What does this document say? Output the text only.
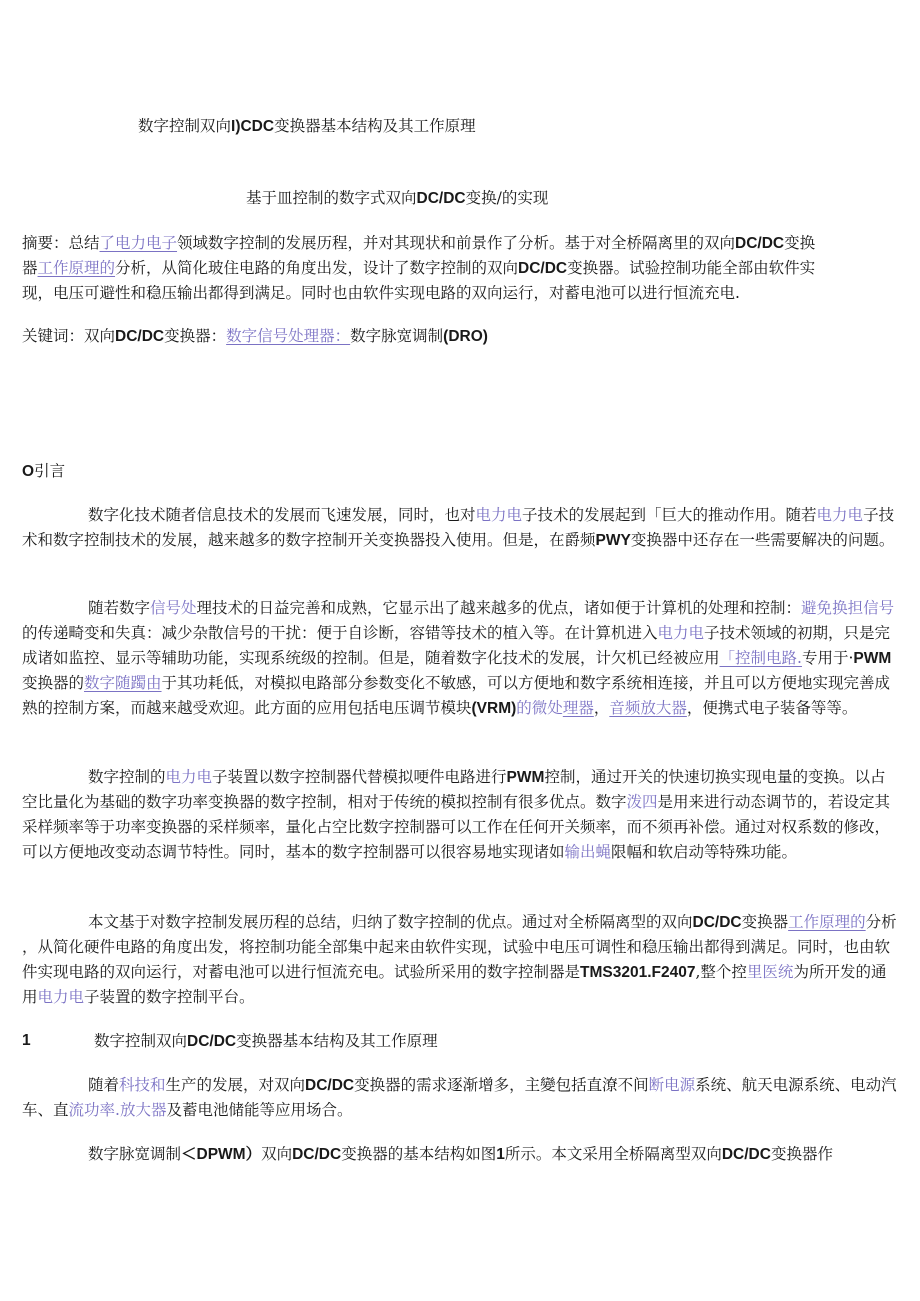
数字控制双向I)CDC变换器基本结构及其工作原理
基于皿控制的数字式双向DC/DC变换/的实现
摘要：总结了电力电子领域数字控制的发展历程，并对其现状和前景作了分析。基于对全桥隔离里的双向DC/DC变换
器工作原理的分析，从简化玻住电路的角度出发，设计了数字控制的双向DC/DC变换器。试验控制功能全部由软件实
现，电压可避性和稳压输出都得到满足。同时也由软件实现电路的双向运行，对蓄电池可以进行恒流充电.
关键词：双向DC/DC变换器：数字信号处理器：数字脉宽调制(DRO)
O引言
数字化技术随者信息技术的发展而飞速发展，同时，也对电力电子技术的发展起到「巨大的推动作用。随若电力电子技
术和数字控制技术的发展，越来越多的数字控制开关变换器投入使用。但是，在爵频PWY变换器中还存在一些需要解决的问题。
随若数字信号处理技术的日益完善和成熟，它显示出了越来越多的优点，诸如便于计算机的处理和控制：避免换担信号
的传递畸变和失真：减少杂散信号的干扰：便于自诊断，容错等技术的植入等。在计算机进入电力电子技术领域的初期，只是完
成诸如监控、显示等辅助功能，实现系统级的控制。但是，随着数字化技术的发展，计欠机已经被应用「控制电路.专用于·PWM
变换器的数字随躅由于其功耗低，对模拟电路部分参数变化不敏感，可以方便地和数字系统相连接，并且可以方便地实现完善成
熟的控制方案，而越来越受欢迎。此方面的应用包括电压调节模块(VRM)的微处理器，音频放大器，便携式电子装备等等。
数字控制的电力电子装置以数字控制器代替模拟哽件电路进行PWM控制，通过开关的快速切换实现电量的变换。以占
空比量化为基础的数字功率变换器的数字控制，相对于传统的模拟控制有很多优点。数字泼四是用来进行动态调节的，若设定其
采样频率等于功率变换器的采样频率，量化占空比数字控制器可以工作在任何开关频率，而不须再补偿。通过对权系数的修改，
可以方便地改变动态调节特性。同时，基本的数字控制器可以很容易地实现诸如输出蝇限幅和软启动等特殊功能。
本文基于对数字控制发展历程的总结，归纳了数字控制的优点。通过对全桥隔离型的双向DC/DC变换器工作原理的分析
，从简化硬件电路的角度出发，将控制功能全部集中起来由软件实现，试验中电压可调性和稳压输出都得到满足。同时，也由软
件实现电路的双向运行，对蓄电池可以进行恒流充电。试验所采用的数字控制器是TMS3201.F2407,整个控里医统为所开发的通
用电力电子装置的数字控制平台。
1	数字控制双向DC/DC变换器基本结构及其工作原理
随着科技和生产的发展，对双向DC/DC变换器的需求逐渐增多，主變包括直潦不间断电源系统、航天电源系统、电动汽
车、直流功率.放大器及蓄电池储能等应用场合。
数字脉宽调制＜DPWM）双向DC/DC变换器的基本结构如图1所示。本文采用全桥隔离型双向DC/DC变换器作
